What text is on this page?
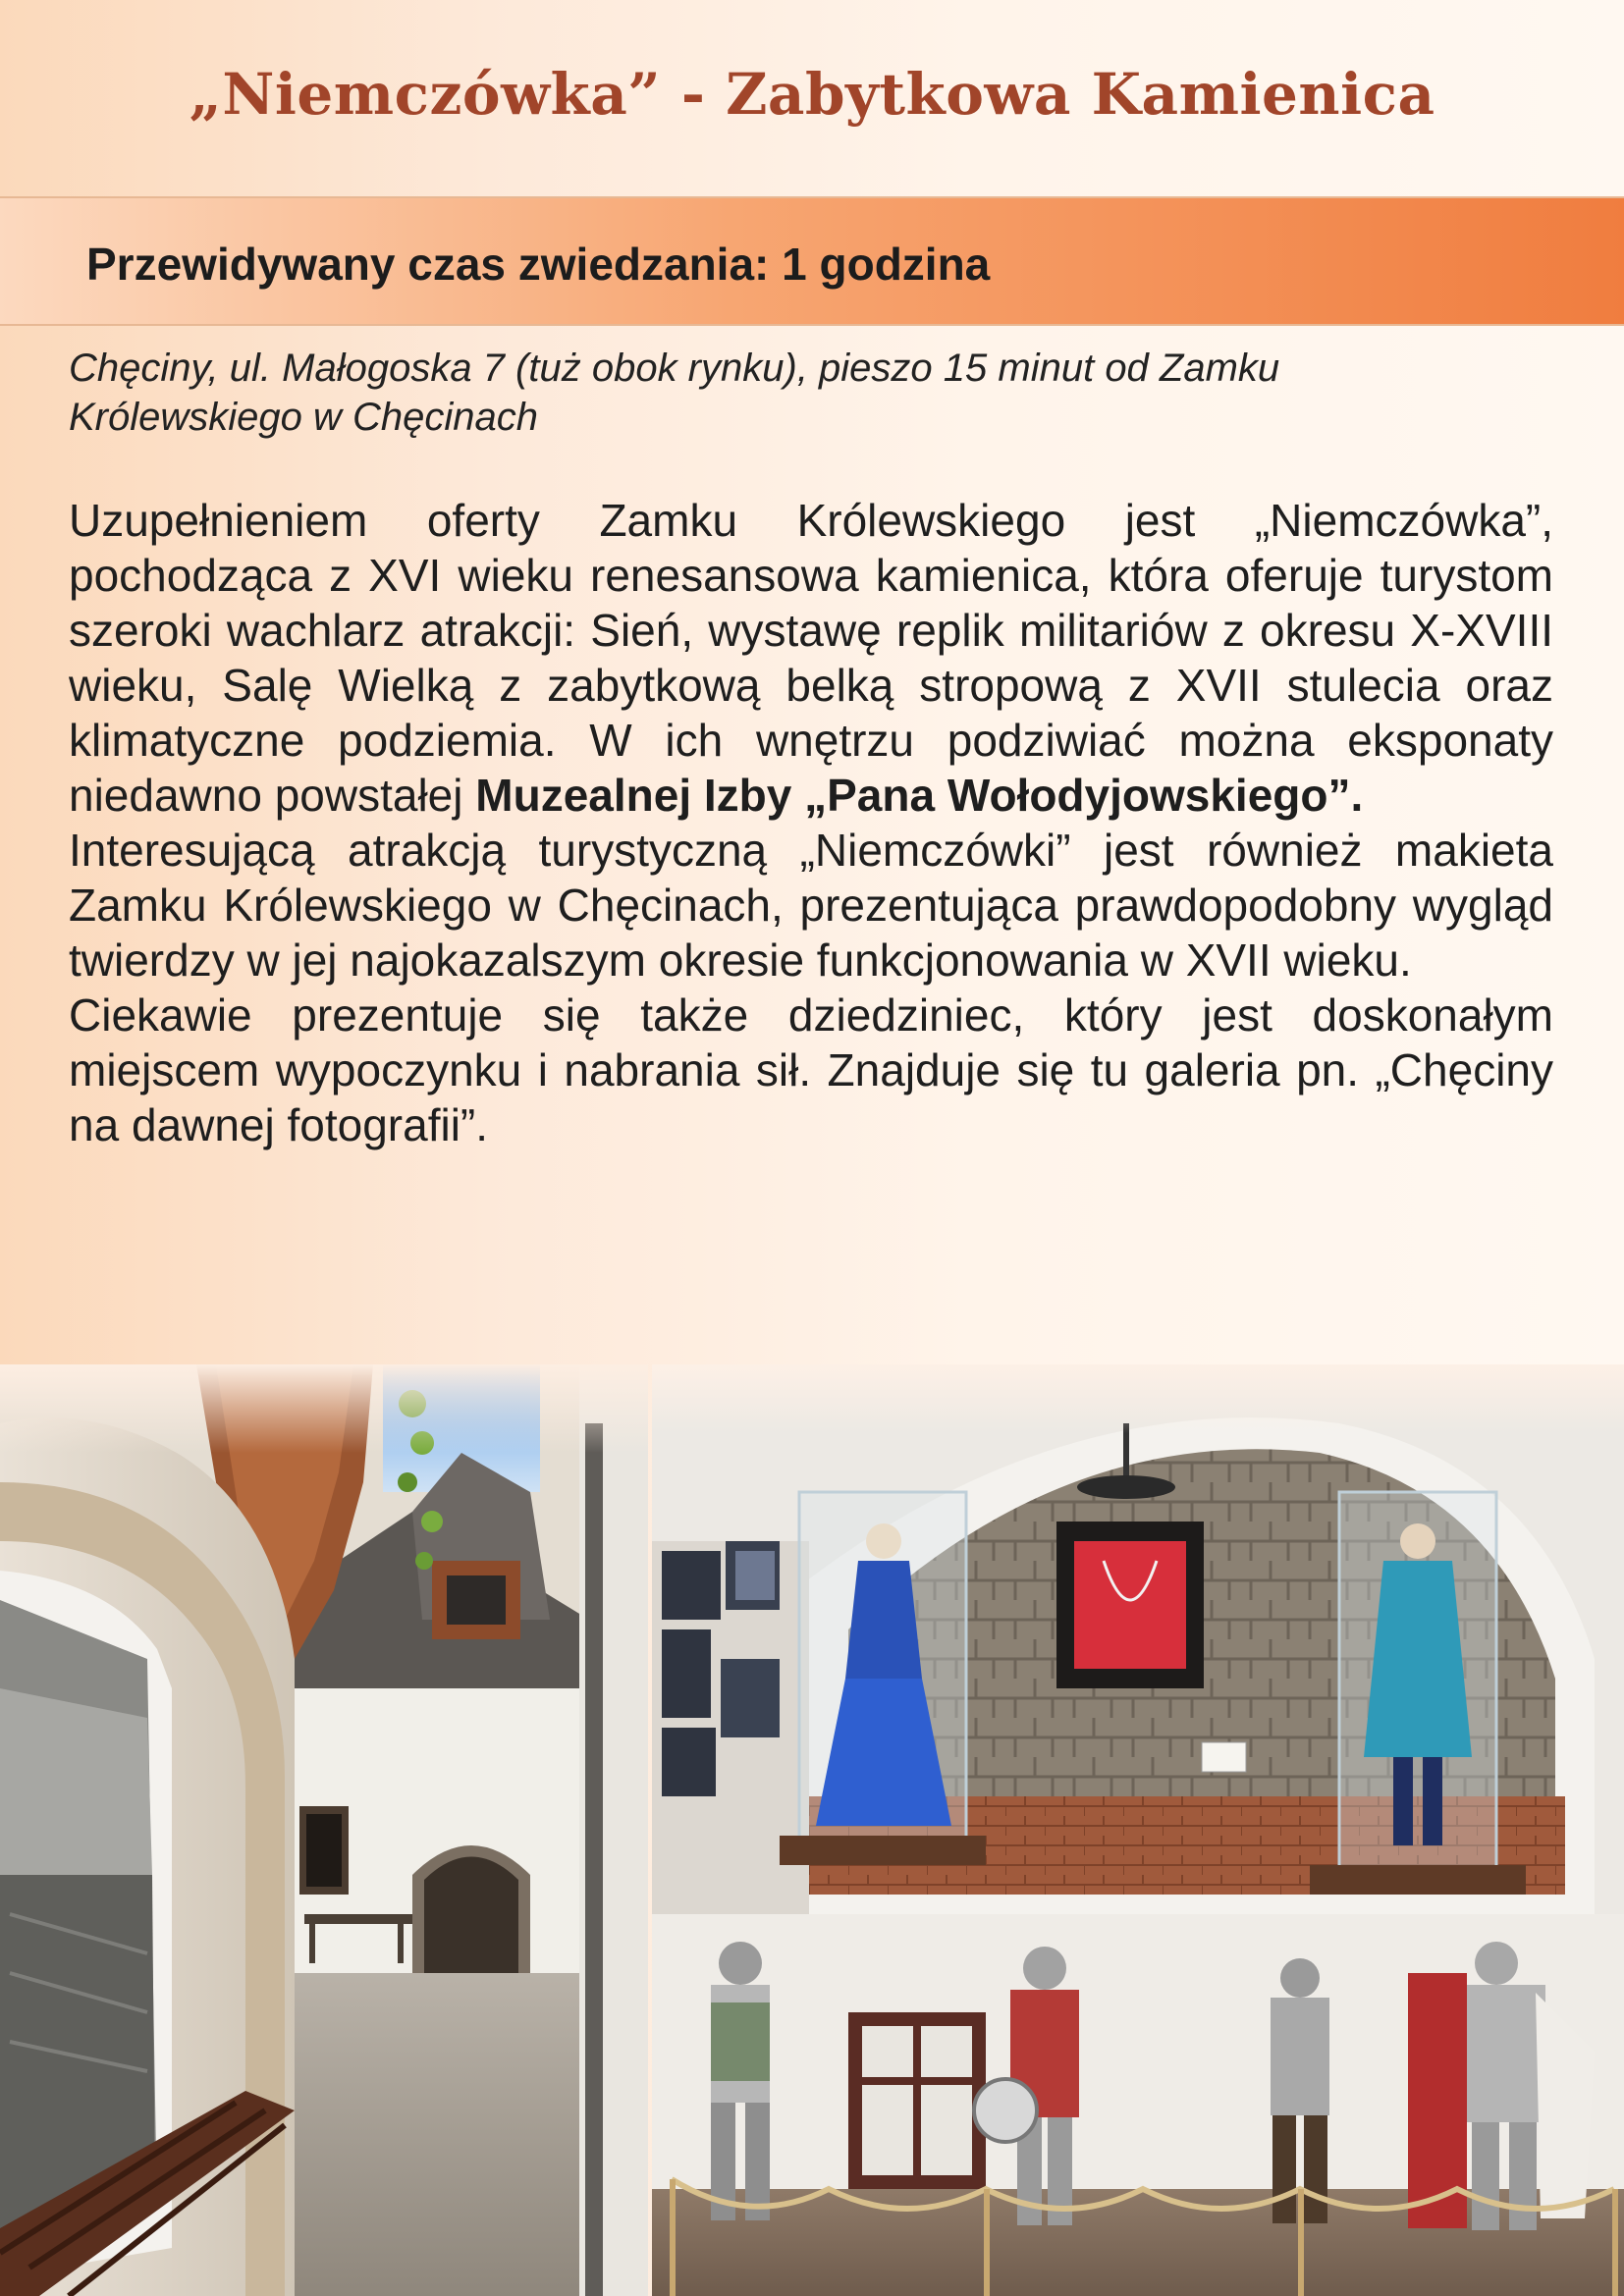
„Niemczówka” - Zabytkowa Kamienica
Przewidywany czas zwiedzania: 1 godzina
Chęciny, ul. Małogoska 7 (tuż obok rynku), pieszo 15 minut od Zamku Królewskiego w Chęcinach

Uzupełnieniem oferty Zamku Królewskiego jest „Niemczówka”, pochodząca z XVI wieku renesansowa kamienica, która oferuje turystom szeroki wachlarz atrakcji: Sień, wystawę replik militariów z okresu X-XVIII wieku, Salę Wielką z zabytkową belką stropową z XVII stulecia oraz klimatyczne podziemia. W ich wnętrzu podziwiać można eksponaty niedawno powstałej Muzealnej Izby „Pana Wołodyjowskiego”.

Interesującą atrakcją turystyczną „Niemczówki” jest również makieta Zamku Królewskiego w Chęcinach, prezentująca prawdopodobny wygląd twierdzy w jej najokazalszym okresie funkcjonowania w XVII wieku.

Ciekawie prezentuje się także dziedziniec, który jest doskonałym miejscem wypoczynku i nabrania sił. Znajduje się tu galeria pn. „Chęciny na dawnej fotografii”.
